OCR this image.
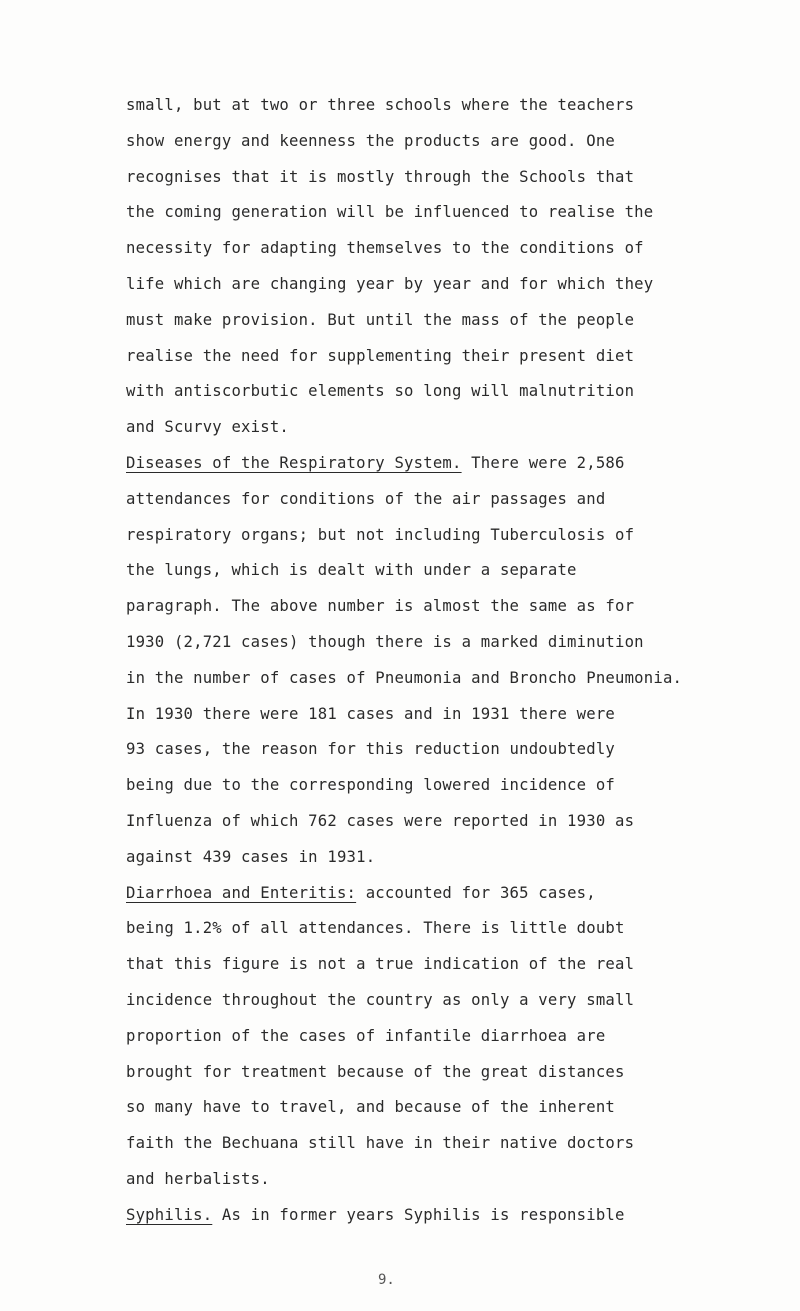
small, but at two or three schools where the teachers
show energy and keenness the products are good. One
recognises that it is mostly through the Schools that
the coming generation will be influenced to realise the
necessity for adapting themselves to the conditions of
life which are changing year by year and for which they
must make provision. But until the mass of the people
realise the need for supplementing their present diet
with antiscorbutic elements so long will malnutrition
and Scurvy exist.
Diseases of the Respiratory System. There were 2,586
attendances for conditions of the air passages and
respiratory organs; but not including Tuberculosis of
the lungs, which is dealt with under a separate
paragraph. The above number is almost the same as for
1930 (2,721 cases) though there is a marked diminution
in the number of cases of Pneumonia and Broncho Pneumonia.
In 1930 there were 181 cases and in 1931 there were
93 cases, the reason for this reduction undoubtedly
being due to the corresponding lowered incidence of
Influenza of which 762 cases were reported in 1930 as
against 439 cases in 1931.
Diarrhoea and Enteritis: accounted for 365 cases,
being 1.2% of all attendances. There is little doubt
that this figure is not a true indication of the real
incidence throughout the country as only a very small
proportion of the cases of infantile diarrhoea are
brought for treatment because of the great distances
so many have to travel, and because of the inherent
faith the Bechuana still have in their native doctors
and herbalists.
Syphilis. As in former years Syphilis is responsible
9.
